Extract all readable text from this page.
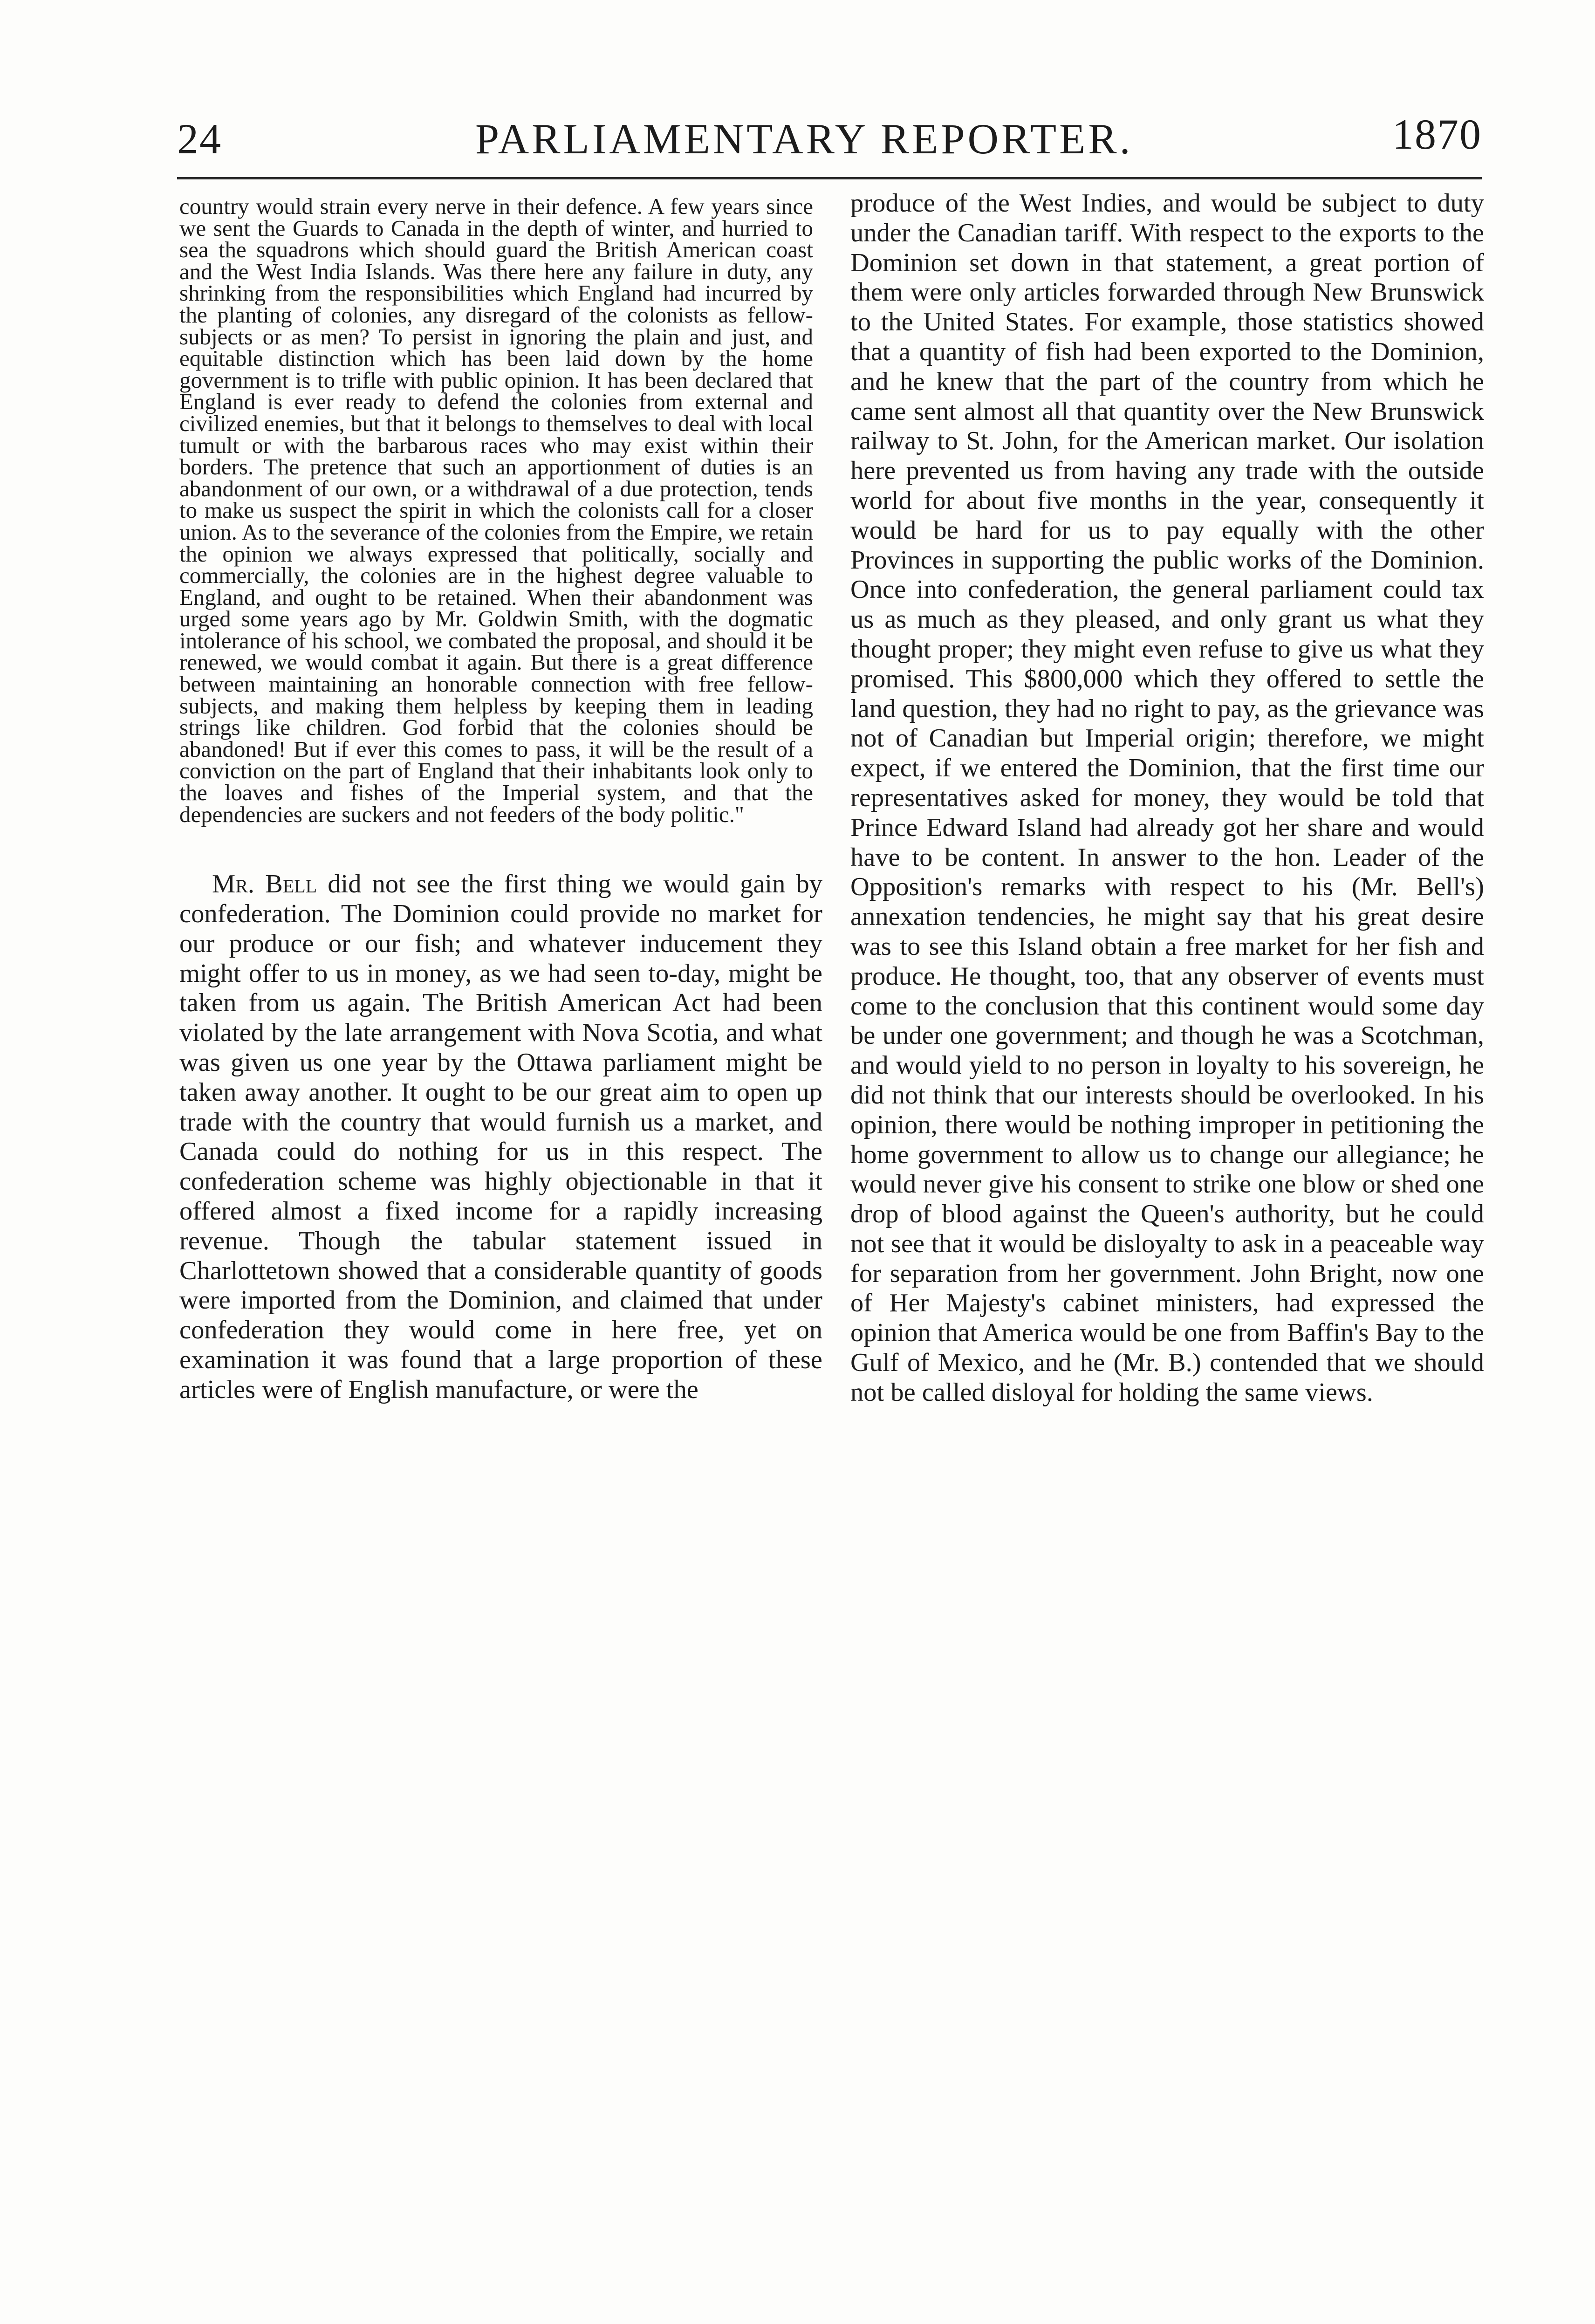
24	PARLIAMENTARY REPORTER.	1870

country would strain every nerve in their defence. A few years since we sent the Guards to Canada in the depth of winter, and hurried to sea the squadrons which should guard the British American coast and the West India Islands. Was there here any failure in duty, any shrinking from the responsibilities which England had incurred by the planting of colonies, any disregard of the colonists as fellow-subjects or as men? To persist in ignoring the plain and just, and equitable distinction which has been laid down by the home government is to trifle with public opinion. It has been declared that England is ever ready to defend the colonies from external and civilized enemies, but that it belongs to themselves to deal with local tumult or with the barbarous races who may exist within their borders. The pretence that such an apportionment of duties is an abandonment of our own, or a withdrawal of a due protection, tends to make us suspect the spirit in which the colonists call for a closer union. As to the severance of the colonies from the Empire, we retain the opinion we always expressed that politically, socially and commercially, the colonies are in the highest degree valuable to England, and ought to be retained. When their abandonment was urged some years ago by Mr. Goldwin Smith, with the dogmatic intolerance of his school, we combated the proposal, and should it be renewed, we would combat it again. But there is a great difference between maintaining an honorable connection with free fellow-subjects, and making them helpless by keeping them in leading strings like children. God forbid that the colonies should be abandoned! But if ever this comes to pass, it will be the result of a conviction on the part of England that their inhabitants look only to the loaves and fishes of the Imperial system, and that the dependencies are suckers and not feeders of the body politic."

Mr. Bell did not see the first thing we would gain by confederation. The Dominion could provide no market for our produce or our fish; and whatever inducement they might offer to us in money, as we had seen to-day, might be taken from us again. The British American Act had been violated by the late arrangement with Nova Scotia, and what was given us one year by the Ottawa parliament might be taken away another. It ought to be our great aim to open up trade with the country that would furnish us a market, and Canada could do nothing for us in this respect. The confederation scheme was highly objectionable in that it offered almost a fixed income for a rapidly increasing revenue. Though the tabular statement issued in Charlottetown showed that a considerable quantity of goods were imported from the Dominion, and claimed that under confederation they would come in here free, yet on examination it was found that a large proportion of these articles were of English manufacture, or were the

produce of the West Indies, and would be subject to duty under the Canadian tariff. With respect to the exports to the Dominion set down in that statement, a great portion of them were only articles forwarded through New Brunswick to the United States. For example, those statistics showed that a quantity of fish had been exported to the Dominion, and he knew that the part of the country from which he came sent almost all that quantity over the New Brunswick railway to St. John, for the American market. Our isolation here prevented us from having any trade with the outside world for about five months in the year, consequently it would be hard for us to pay equally with the other Provinces in supporting the public works of the Dominion. Once into confederation, the general parliament could tax us as much as they pleased, and only grant us what they thought proper; they might even refuse to give us what they promised. This $800,000 which they offered to settle the land question, they had no right to pay, as the grievance was not of Canadian but Imperial origin; therefore, we might expect, if we entered the Dominion, that the first time our representatives asked for money, they would be told that Prince Edward Island had already got her share and would have to be content. In answer to the hon. Leader of the Opposition's remarks with respect to his (Mr. Bell's) annexation tendencies, he might say that his great desire was to see this Island obtain a free market for her fish and produce. He thought, too, that any observer of events must come to the conclusion that this continent would some day be under one government; and though he was a Scotchman, and would yield to no person in loyalty to his sovereign, he did not think that our interests should be overlooked. In his opinion, there would be nothing improper in petitioning the home government to allow us to change our allegiance; he would never give his consent to strike one blow or shed one drop of blood against the Queen's authority, but he could not see that it would be disloyalty to ask in a peaceable way for separation from her government. John Bright, now one of Her Majesty's cabinet ministers, had expressed the opinion that America would be one from Baffin's Bay to the Gulf of Mexico, and he (Mr. B.) contended that we should not be called disloyal for holding the same views.
